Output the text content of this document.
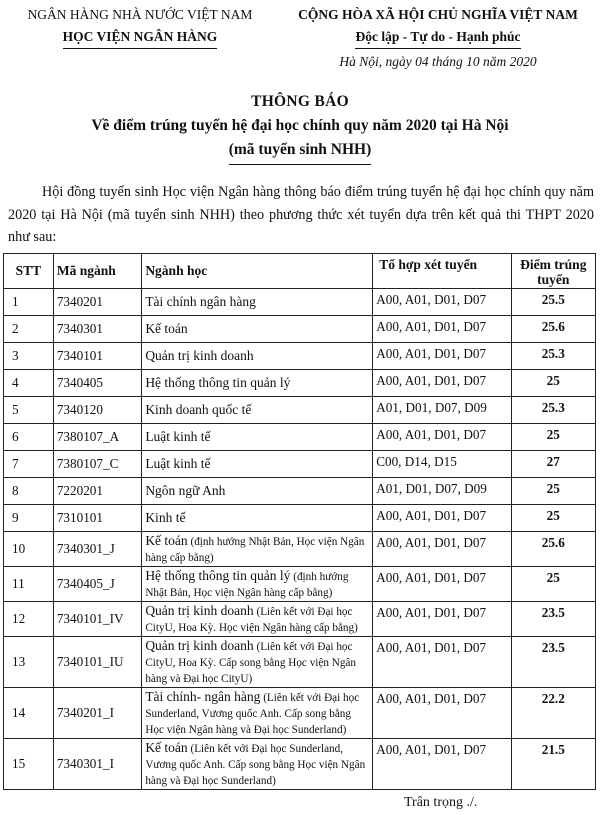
NGÂN HÀNG NHÀ NƯỚC VIỆT NAM
HỌC VIỆN NGÂN HÀNG
CỘNG HÒA XÃ HỘI CHỦ NGHĨA VIỆT NAM
Độc lập - Tự do - Hạnh phúc
Hà Nội, ngày 04 tháng 10 năm 2020
THÔNG BÁO
Về điểm trúng tuyển hệ đại học chính quy năm 2020 tại Hà Nội
(mã tuyển sinh NHH)
Hội đồng tuyển sinh Học viện Ngân hàng thông báo điểm trúng tuyển hệ đại học chính quy năm 2020 tại Hà Nội (mã tuyển sinh NHH) theo phương thức xét tuyển dựa trên kết quả thi THPT 2020 như sau:
STT	Mã ngành	Ngành học	Tổ hợp xét tuyển	Điểm trúng tuyển
1	7340201	Tài chính ngân hàng	A00, A01, D01, D07	25.5
2	7340301	Kế toán	A00, A01, D01, D07	25.6
3	7340101	Quản trị kinh doanh	A00, A01, D01, D07	25.3
4	7340405	Hệ thống thông tin quản lý	A00, A01, D01, D07	25
5	7340120	Kinh doanh quốc tế	A01, D01, D07, D09	25.3
6	7380107_A	Luật kinh tế	A00, A01, D01, D07	25
7	7380107_C	Luật kinh tế	C00, D14, D15	27
8	7220201	Ngôn ngữ Anh	A01, D01, D07, D09	25
9	7310101	Kinh tế	A00, A01, D01, D07	25
10	7340301_J	Kế toán (định hướng Nhật Bản, Học viện Ngân hàng cấp bằng)	A00, A01, D01, D07	25.6
11	7340405_J	Hệ thống thông tin quản lý (định hướng Nhật Bản, Học viện Ngân hàng cấp bằng)	A00, A01, D01, D07	25
12	7340101_IV	Quản trị kinh doanh (Liên kết với Đại học CityU, Hoa Kỳ. Học viện Ngân hàng cấp bằng)	A00, A01, D01, D07	23.5
13	7340101_IU	Quản trị kinh doanh (Liên kết với Đại học CityU, Hoa Kỳ. Cấp song bằng Học viện Ngân hàng và Đại học CityU)	A00, A01, D01, D07	23.5
14	7340201_I	Tài chính- ngân hàng (Liên kết với Đại học Sunderland, Vương quốc Anh. Cấp song bằng Học viện Ngân hàng và Đại học Sunderland)	A00, A01, D01, D07	22.2
15	7340301_I	Kế toán (Liên kết với Đại học Sunderland, Vương quốc Anh. Cấp song bằng Học viện Ngân hàng và Đại học Sunderland)	A00, A01, D01, D07	21.5
Trân trọng ./.
